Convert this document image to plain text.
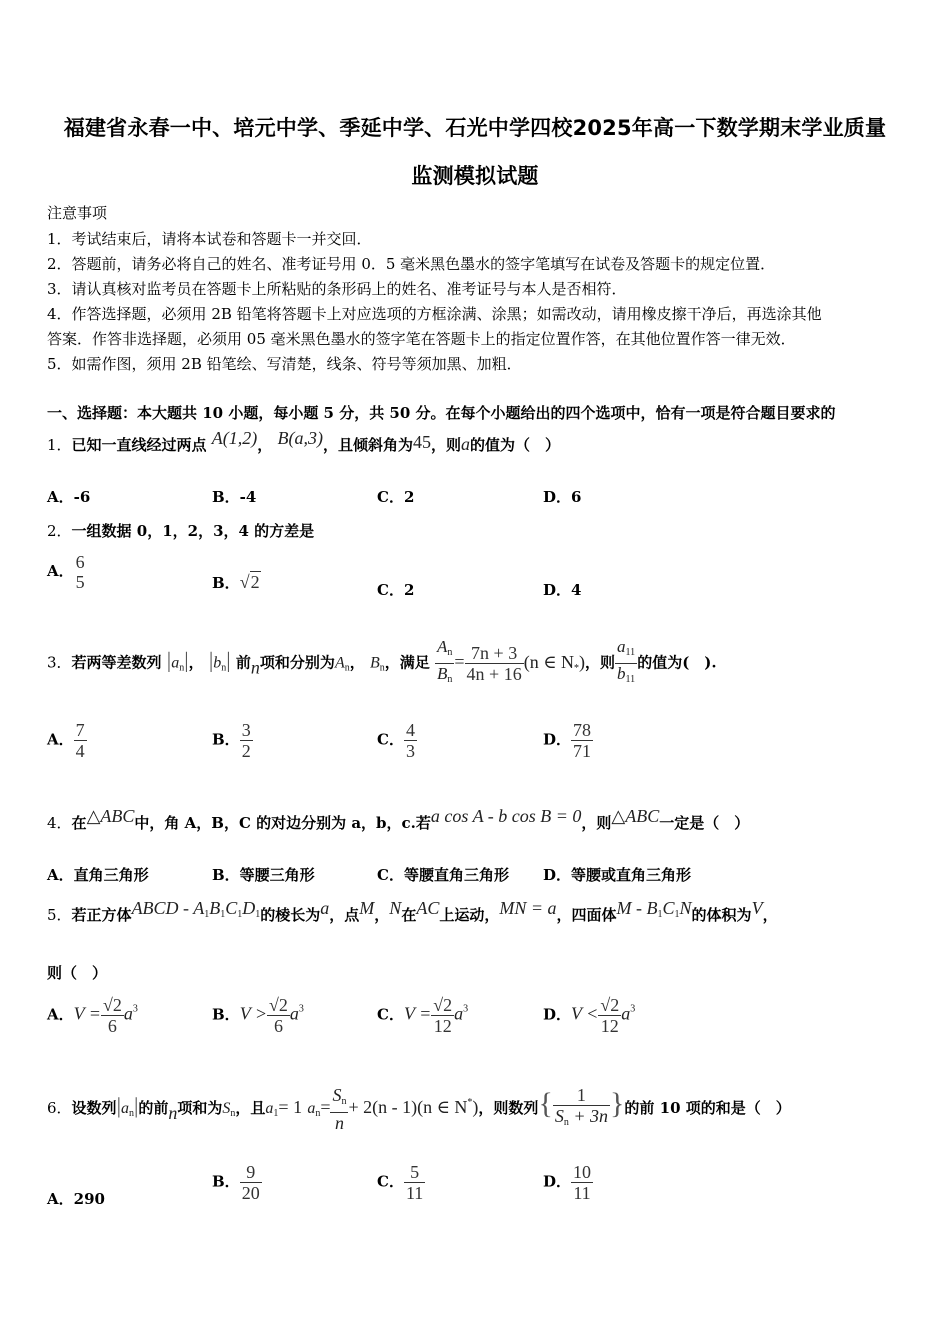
福建省永春一中、培元中学、季延中学、石光中学四校2025年高一下数学期末学业质量
监测模拟试题
注意事项
1．考试结束后，请将本试卷和答题卡一并交回．
2．答题前，请务必将自己的姓名、准考证号用 0．5 毫米黑色墨水的签字笔填写在试卷及答题卡的规定位置．
3．请认真核对监考员在答题卡上所粘贴的条形码上的姓名、准考证号与本人是否相符．
4．作答选择题，必须用 2B 铅笔将答题卡上对应选项的方框涂满、涂黑；如需改动，请用橡皮擦干净后，再选涂其他
答案．作答非选择题，必须用 05 毫米黑色墨水的签字笔在答题卡上的指定位置作答，在其他位置作答一律无效．
5．如需作图，须用 2B 铅笔绘、写清楚，线条、符号等须加黑、加粗．
一、选择题：本大题共 10 小题，每小题 5 分，共 50 分。在每个小题给出的四个选项中，恰有一项是符合题目要求的
1．已知一直线经过两点 A(1,2)， B(a,3)，且倾斜角为45，则a的值为（　）
A．-6	B．-4	C．2	D．6
2．一组数据 0，1，2，3，4 的方差是
A． 6
5	B．√2	C．2	D．4
3．若两等差数列 $|a_n|$， $|b_n|$ 前n项和分别为$A_n$， $B_n$，满足 $\frac{A_n}{B_n} = \frac{7n + 3}{4n + 16} (n$ ∈ $N_*$)，则 $\frac{a_{11}}{b_{11}}$ 的值为(　).
A． $\frac{7}{4}$	B． $\frac{3}{2}$	C． $\frac{4}{3}$	D． $\frac{78}{71}$
4．在△ABC中，角 A，B，C 的对边分别为 a，b，c.若a cos A - b cos B = 0，则△ABC一定是（　）
A．直角三角形	B．等腰三角形	C．等腰直角三角形 D．等腰或直角三角形
5．若正方体ABCD - $A_1B_1C_1D_1$的棱长为a，点M，N在AC上运动，MN = a，四面体M - $B_1C_1N$的体积为V，
则（　）
A．$V = \frac{√2}{6} a^3$	B．$V > \frac{√2}{6} a^3$	C．$V = \frac{√2}{12} a^3$	D．$V < \frac{√2}{12} a^3$
6．设数列$|a_n|$的前n项和为$S_n$，且$a_1= 1$ $a_n= \frac{S_n}{n} + 2(n - 1)(n$ ∈ N*)，则数列{ $\frac{1}{S_n + 3n}$ }的前 10 项的和是（　）
A．290
B． $\frac{9}{20}$	C． $\frac{5}{11}$	D． $\frac{10}{11}$
